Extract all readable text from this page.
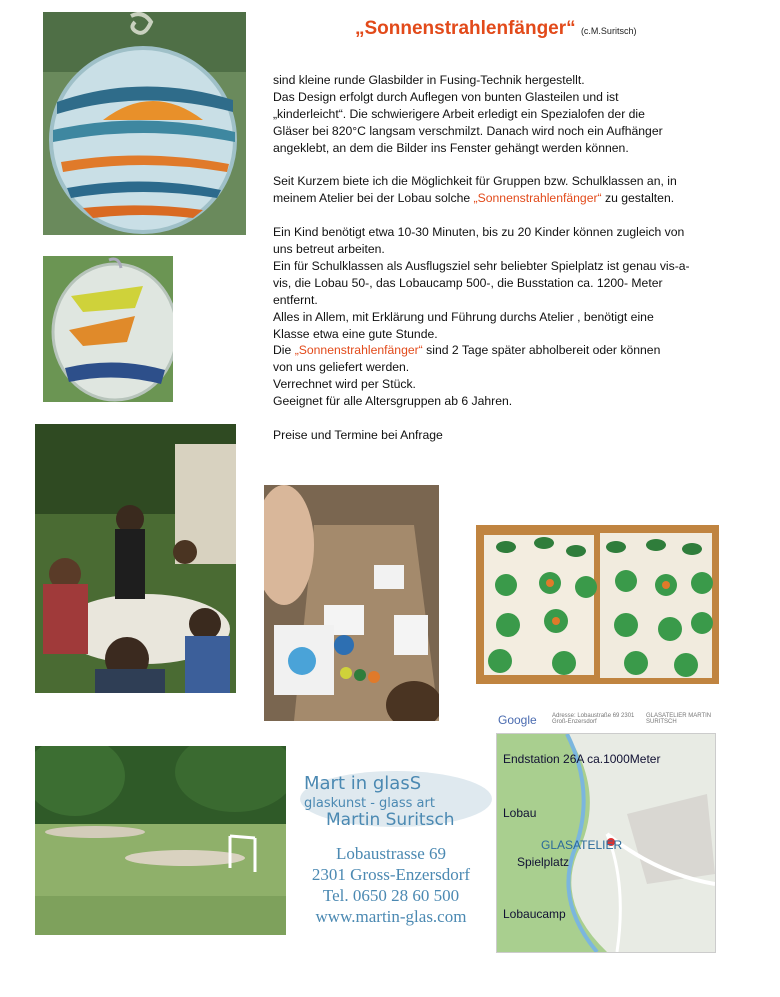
„Sonnenstrahlenfänger“ (c.M.Suritsch)

sind kleine runde Glasbilder in Fusing-Technik hergestellt.
Das Design erfolgt durch Auflegen von bunten Glasteilen und ist
„kinderleicht“. Die schwierigere Arbeit erledigt ein Spezialofen der die
Gläser bei 820°C langsam verschmilzt. Danach wird noch ein Aufhänger
angeklebt, an dem die Bilder ins Fenster gehängt werden können.

Seit Kurzem biete ich die Möglichkeit für Gruppen bzw. Schulklassen an, in
meinem Atelier bei der Lobau solche „Sonnenstrahlenfänger“ zu gestalten.

Ein Kind benötigt etwa 10-30 Minuten, bis zu 20 Kinder können zugleich von
uns betreut arbeiten.
Ein für Schulklassen als Ausflugsziel sehr beliebter Spielplatz ist genau vis-a-
vis, die Lobau 50-, das Lobaucamp 500-, die Busstation ca. 1200- Meter
entfernt.
Alles in Allem, mit Erklärung und Führung durchs Atelier , benötigt eine
Klasse etwa eine gute Stunde.
Die „Sonnenstrahlenfänger“ sind 2 Tage später abholbereit oder können
von uns geliefert werden.
Verrechnet wird per Stück.
Geeignet für alle Altersgruppen ab 6 Jahren.

Preise und Termine bei Anfrage

Mart in glasS
glaskunst - glass art
Martin Suritsch
Lobaustrasse 69
2301 Gross-Enzersdorf
Tel. 0650 28 60 500
www.martin-glas.com
Google	Adresse: Lobaustraße 69 2301 Groß-Enzersdorf
GLASATELIER MARTIN SURITSCH
Endstation 26A ca.1000Meter
Lobau
GLASATELIER
Spielplatz
Lobaucamp
